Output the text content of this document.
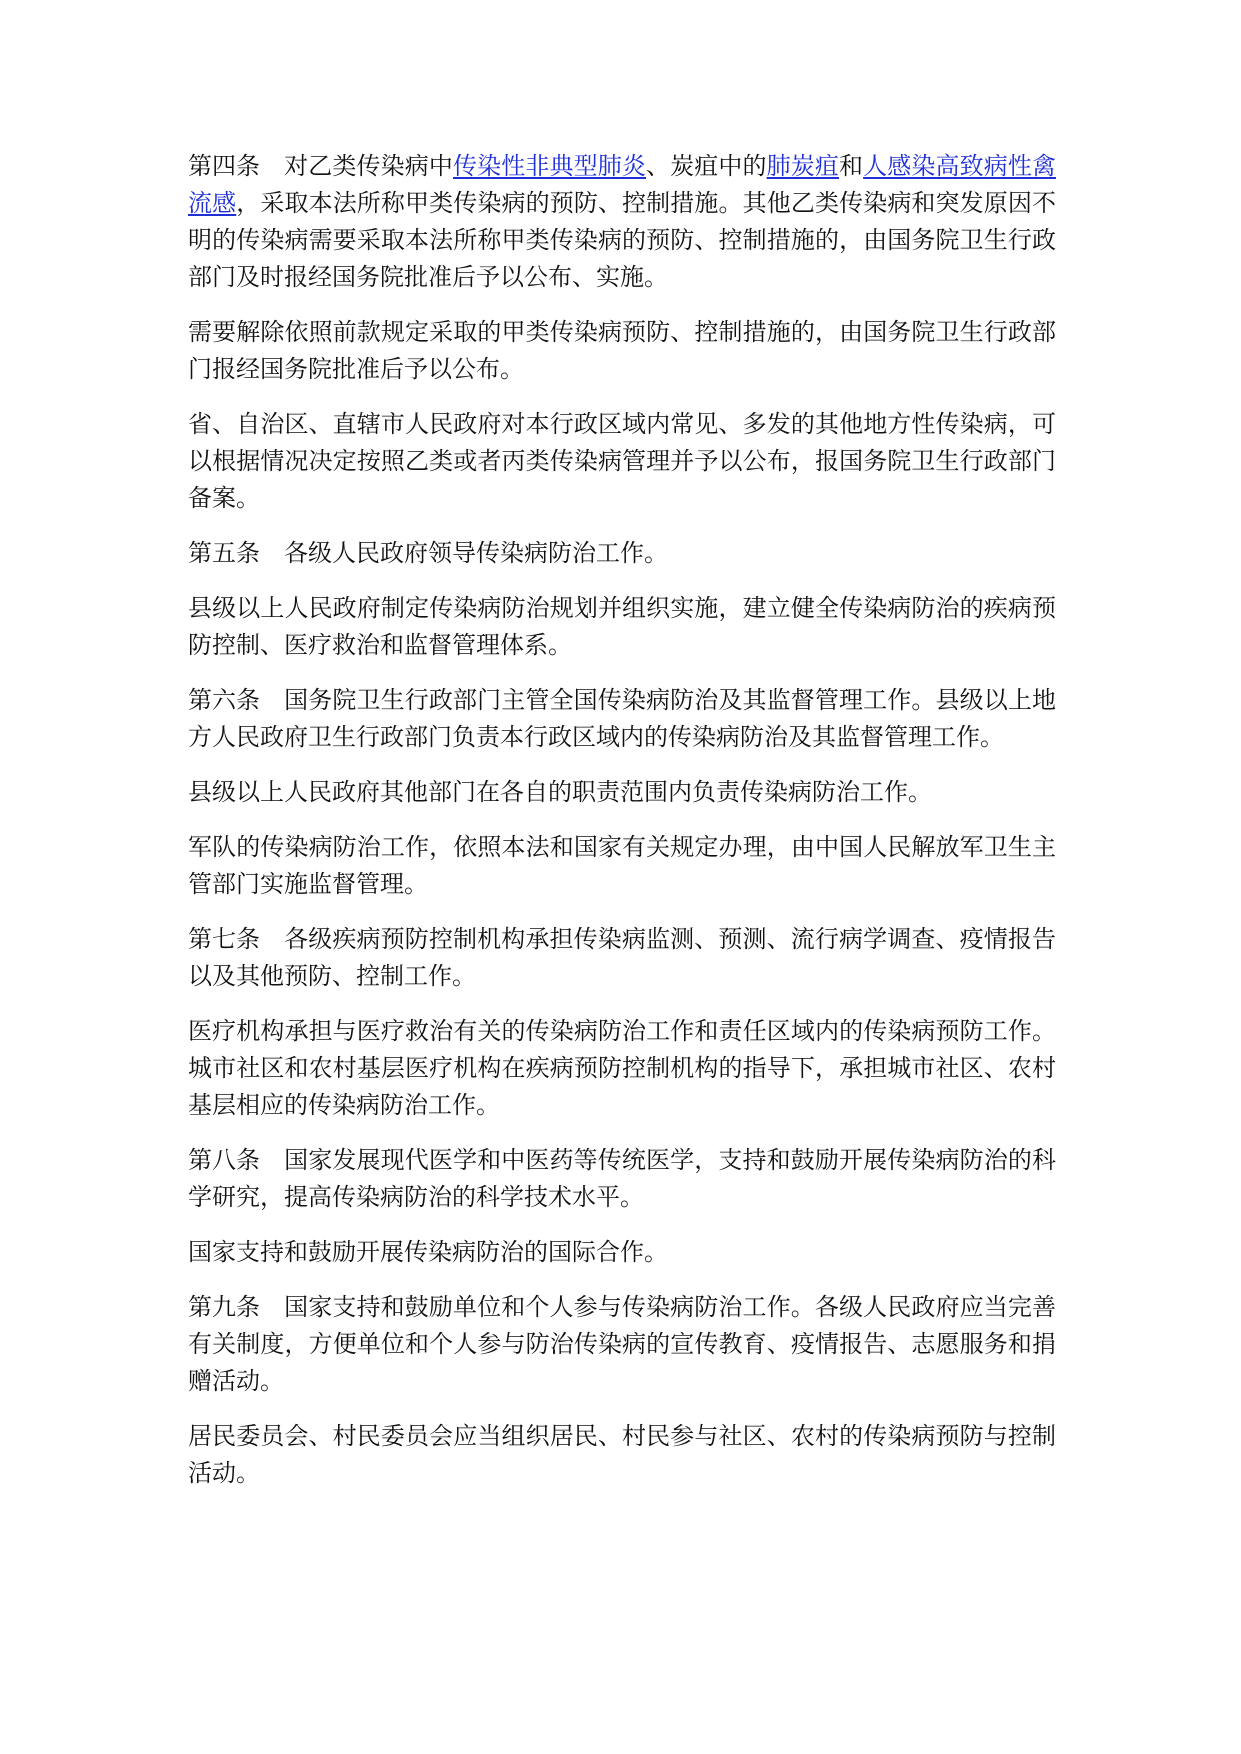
第四条 对乙类传染病中传染性非典型肺炎、炭疽中的肺炭疽和人感染高致病性禽流感，采取本法所称甲类传染病的预防、控制措施。其他乙类传染病和突发原因不明的传染病需要采取本法所称甲类传染病的预防、控制措施的，由国务院卫生行政部门及时报经国务院批准后予以公布、实施。

需要解除依照前款规定采取的甲类传染病预防、控制措施的，由国务院卫生行政部门报经国务院批准后予以公布。

省、自治区、直辖市人民政府对本行政区域内常见、多发的其他地方性传染病，可以根据情况决定按照乙类或者丙类传染病管理并予以公布，报国务院卫生行政部门备案。

第五条 各级人民政府领导传染病防治工作。

县级以上人民政府制定传染病防治规划并组织实施，建立健全传染病防治的疾病预防控制、医疗救治和监督管理体系。

第六条 国务院卫生行政部门主管全国传染病防治及其监督管理工作。县级以上地方人民政府卫生行政部门负责本行政区域内的传染病防治及其监督管理工作。

县级以上人民政府其他部门在各自的职责范围内负责传染病防治工作。

军队的传染病防治工作，依照本法和国家有关规定办理，由中国人民解放军卫生主管部门实施监督管理。

第七条 各级疾病预防控制机构承担传染病监测、预测、流行病学调查、疫情报告以及其他预防、控制工作。

医疗机构承担与医疗救治有关的传染病防治工作和责任区域内的传染病预防工作。城市社区和农村基层医疗机构在疾病预防控制机构的指导下，承担城市社区、农村基层相应的传染病防治工作。

第八条 国家发展现代医学和中医药等传统医学，支持和鼓励开展传染病防治的科学研究，提高传染病防治的科学技术水平。

国家支持和鼓励开展传染病防治的国际合作。

第九条 国家支持和鼓励单位和个人参与传染病防治工作。各级人民政府应当完善有关制度，方便单位和个人参与防治传染病的宣传教育、疫情报告、志愿服务和捐赠活动。

居民委员会、村民委员会应当组织居民、村民参与社区、农村的传染病预防与控制活动。
